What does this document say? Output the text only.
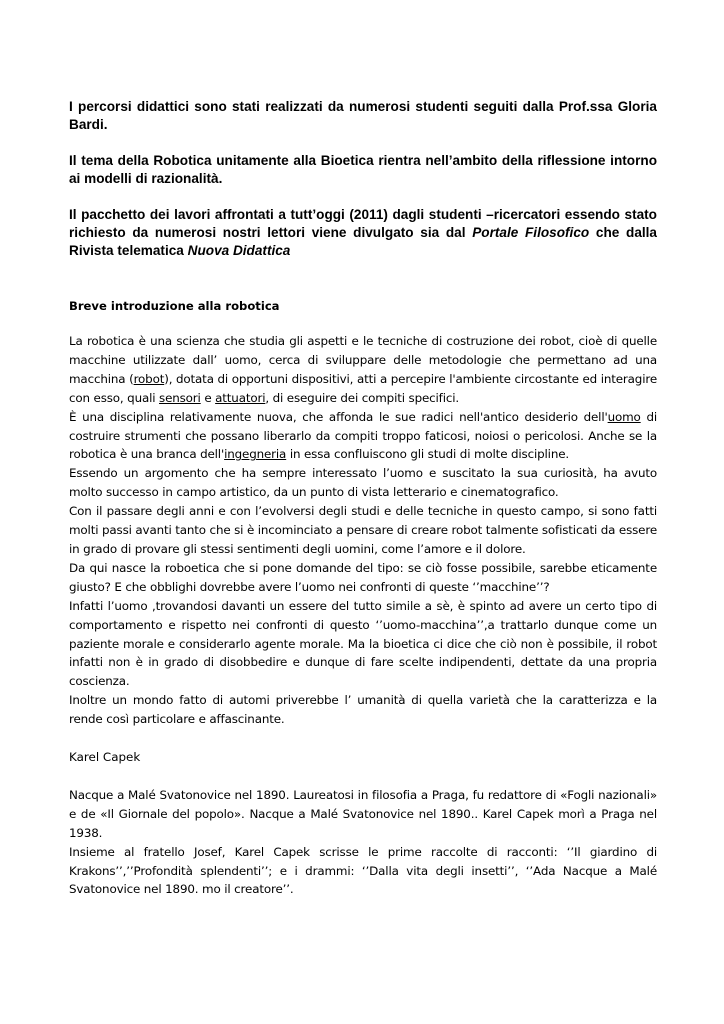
I percorsi didattici sono stati realizzati da numerosi studenti seguiti dalla Prof.ssa Gloria Bardi.

Il tema della Robotica unitamente alla Bioetica rientra nell’ambito della riflessione intorno ai modelli di razionalità.

Il pacchetto dei lavori affrontati a tutt’oggi (2011) dagli studenti –ricercatori essendo stato richiesto da numerosi nostri lettori viene divulgato sia dal Portale Filosofico che dalla Rivista telematica Nuova Didattica

Breve introduzione alla robotica

La robotica è una scienza che studia gli aspetti e le tecniche di costruzione dei robot, cioè di quelle macchine utilizzate dall’ uomo, cerca di sviluppare delle metodologie che permettano ad una macchina (robot), dotata di opportuni dispositivi, atti a percepire l'ambiente circostante ed interagire con esso, quali sensori e attuatori, di eseguire dei compiti specifici.

È una disciplina relativamente nuova, che affonda le sue radici nell'antico desiderio dell'uomo di costruire strumenti che possano liberarlo da compiti troppo faticosi, noiosi o pericolosi. Anche se la robotica è una branca dell'ingegneria in essa confluiscono gli studi di molte discipline.

Essendo un argomento che ha sempre interessato l’uomo e suscitato la sua curiosità, ha avuto molto successo in campo artistico, da un punto di vista letterario e cinematografico.

Con il passare degli anni e con l’evolversi degli studi e delle tecniche in questo campo, si sono fatti molti passi avanti tanto che si è incominciato a pensare di creare robot talmente sofisticati da essere in grado di provare gli stessi sentimenti degli uomini, come l’amore e il dolore.

Da qui nasce la roboetica che si pone domande del tipo: se ciò fosse possibile, sarebbe eticamente giusto? E che obblighi dovrebbe avere l’uomo nei confronti di queste ‘’macchine’’?

Infatti l’uomo ,trovandosi davanti un essere del tutto simile a sè, è spinto ad avere un certo tipo di comportamento e rispetto nei confronti di questo ‘’uomo-macchina’’,a trattarlo dunque come un paziente morale e considerarlo agente morale. Ma la bioetica ci dice che ciò non è possibile, il robot infatti non è in grado di disobbedire e dunque di fare scelte indipendenti, dettate da una propria coscienza.

Inoltre un mondo fatto di automi priverebbe l’ umanità di quella varietà che la caratterizza e la rende così particolare e affascinante.

Karel Capek

Nacque a Malé Svatonovice nel 1890. Laureatosi in filosofia a Praga, fu redattore di «Fogli nazionali» e de «Il Giornale del popolo». Nacque a Malé Svatonovice nel 1890.. Karel Capek morì a Praga nel 1938.

Insieme al fratello Josef, Karel Capek scrisse le prime raccolte di racconti: ‘’Il giardino di Krakons’’,’’Profondità splendenti’’; e i drammi: ‘’Dalla vita degli insetti’’, ‘’Ada Nacque a Malé Svatonovice nel 1890. mo il creatore’’.
